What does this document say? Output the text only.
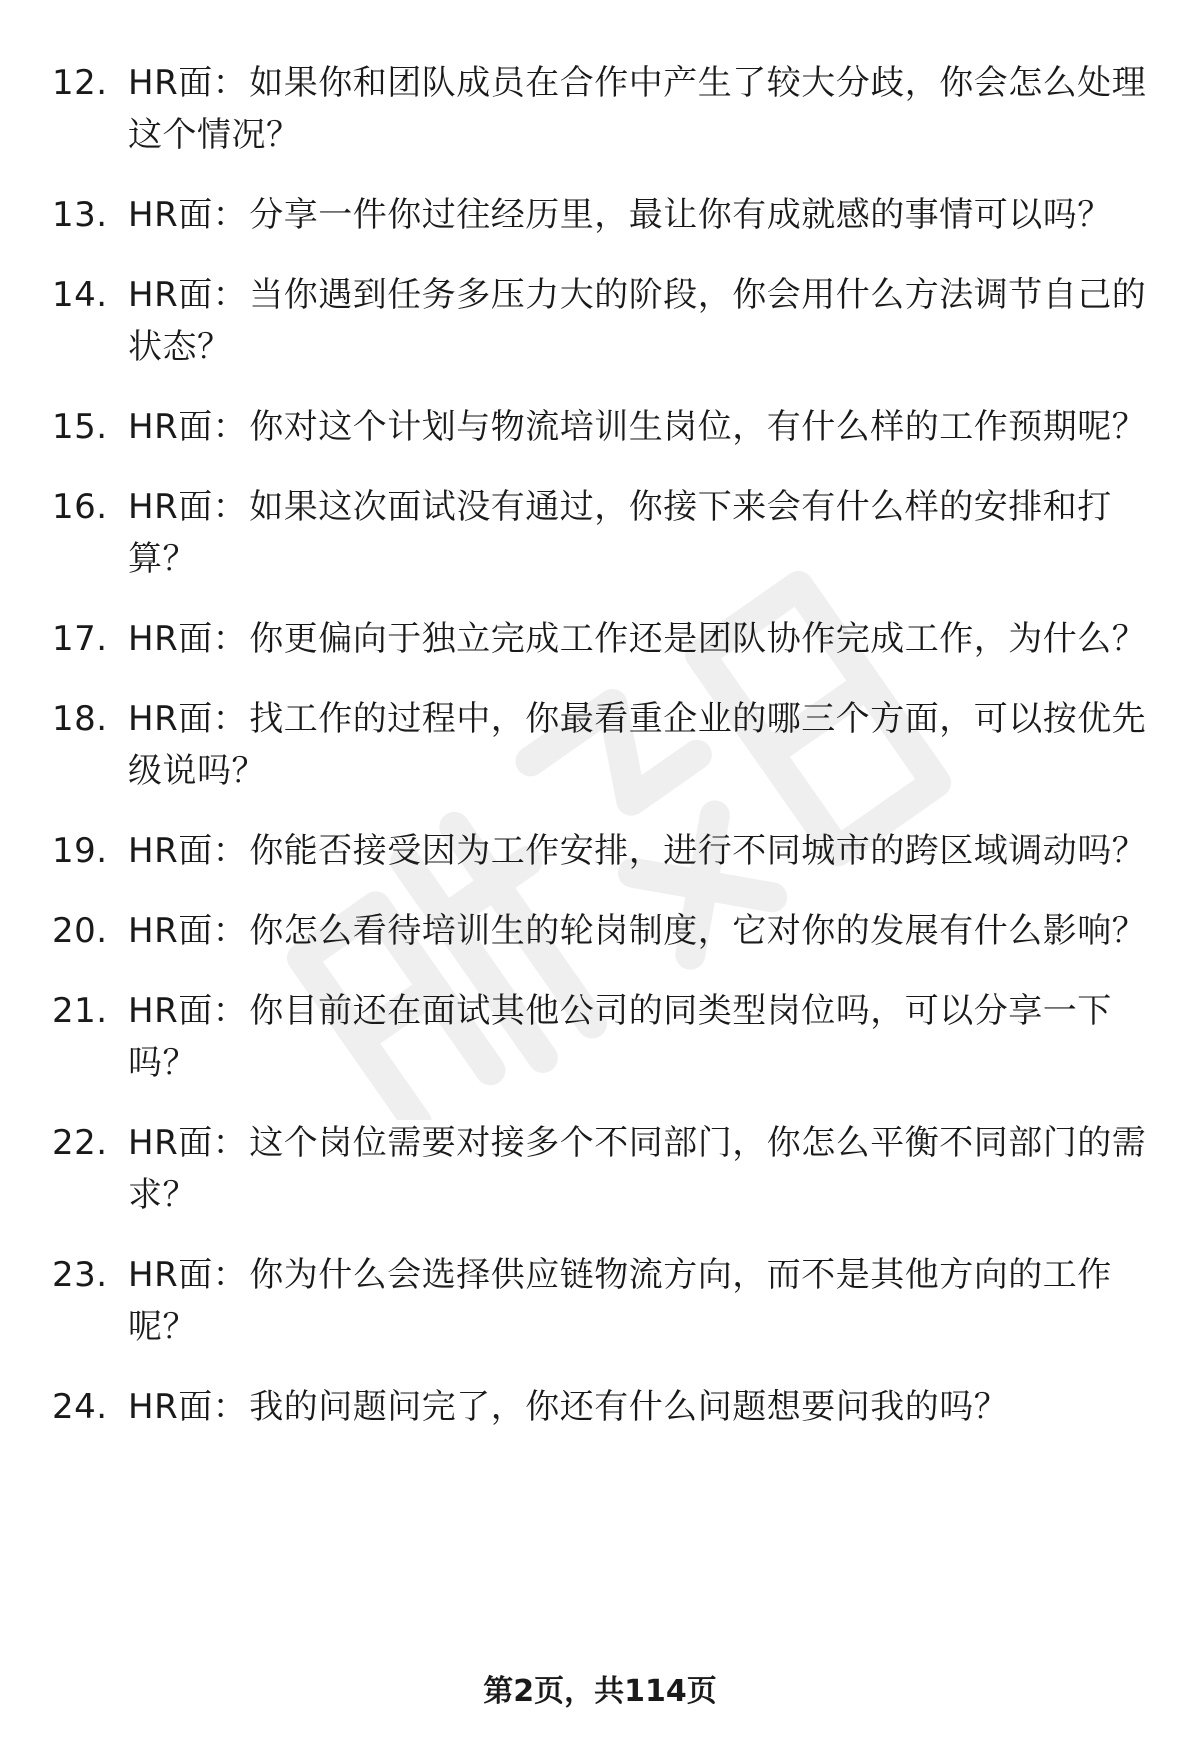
12. HR面：如果你和团队成员在合作中产生了较大分歧，你会怎么处理这个情况？
13. HR面：分享一件你过往经历里，最让你有成就感的事情可以吗？
14. HR面：当你遇到任务多压力大的阶段，你会用什么方法调节自己的状态？
15. HR面：你对这个计划与物流培训生岗位，有什么样的工作预期呢？
16. HR面：如果这次面试没有通过，你接下来会有什么样的安排和打算？
17. HR面：你更偏向于独立完成工作还是团队协作完成工作，为什么？
18. HR面：找工作的过程中，你最看重企业的哪三个方面，可以按优先级说吗？
19. HR面：你能否接受因为工作安排，进行不同城市的跨区域调动吗？
20. HR面：你怎么看待培训生的轮岗制度，它对你的发展有什么影响？
21. HR面：你目前还在面试其他公司的同类型岗位吗，可以分享一下吗？
22. HR面：这个岗位需要对接多个不同部门，你怎么平衡不同部门的需求？
23. HR面：你为什么会选择供应链物流方向，而不是其他方向的工作呢？
24. HR面：我的问题问完了，你还有什么问题想要问我的吗？
第2页，共114页
